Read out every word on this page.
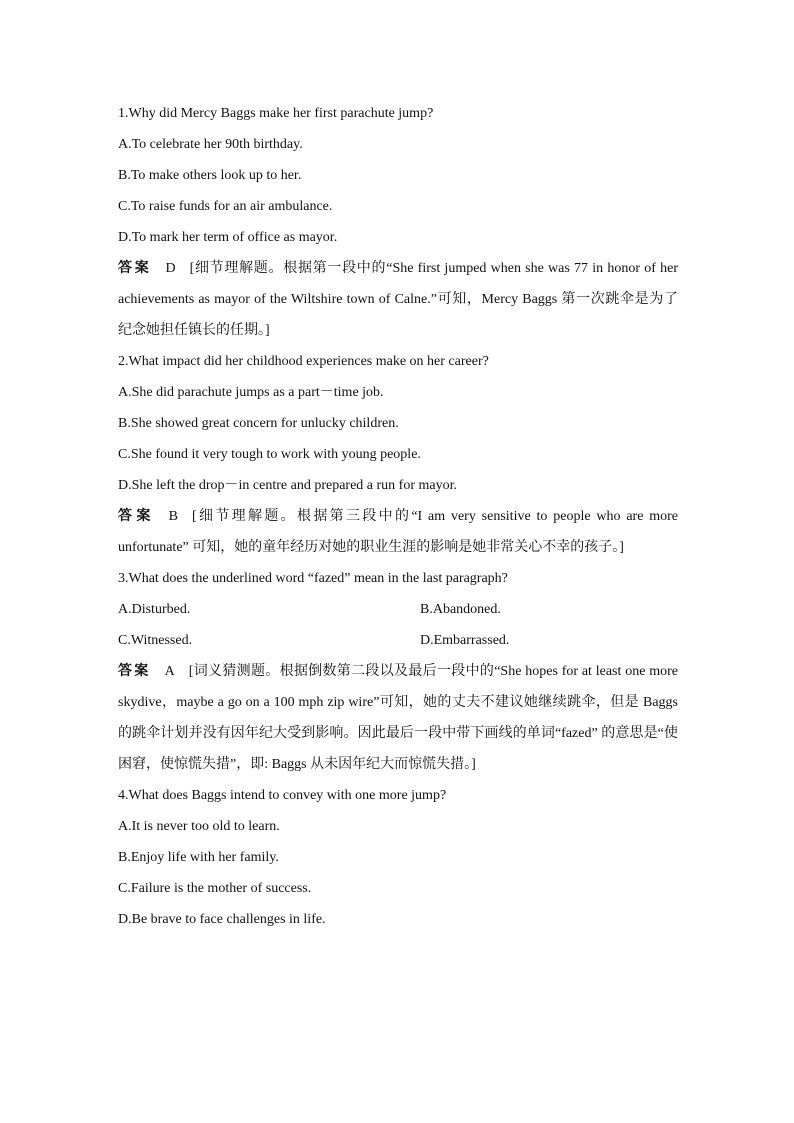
1.Why did Mercy Baggs make her first parachute jump?
A.To celebrate her 90th birthday.
B.To make others look up to her.
C.To raise funds for an air ambulance.
D.To mark her term of office as mayor.
答案 D [细节理解题。根据第一段中的“She first jumped when she was 77 in honor of her achievements as mayor of the Wiltshire town of Calne.”可知，Mercy Baggs 第一次跳伞是为了纪念她担任镇长的任期。]
2.What impact did her childhood experiences make on her career?
A.She did parachute jumps as a part－time job.
B.She showed great concern for unlucky children.
C.She found it very tough to work with young people.
D.She left the drop－in centre and prepared a run for mayor.
答案 B [细节理解题。根据第三段中的“I am very sensitive to people who are more unfortunate” 可知，她的童年经历对她的职业生涯的影响是她非常关心不幸的孩子。]
3.What does the underlined word “fazed” mean in the last paragraph?
A.Disturbed.	B.Abandoned.
C.Witnessed.	D.Embarrassed.
答案 A [词义猜测题。根据倒数第二段以及最后一段中的“She hopes for at least one more skydive，maybe a go on a 100 mph zip wire”可知，她的丈夫不建议她继续跳伞，但是 Baggs 的跳伞计划并没有因年纪大受到影响。因此最后一段中带下画线的单词“fazed” 的意思是“使困窘，使惊慌失措”，即: Baggs 从未因年纪大而惊慌失措。]
4.What does Baggs intend to convey with one more jump?
A.It is never too old to learn.
B.Enjoy life with her family.
C.Failure is the mother of success.
D.Be brave to face challenges in life.
